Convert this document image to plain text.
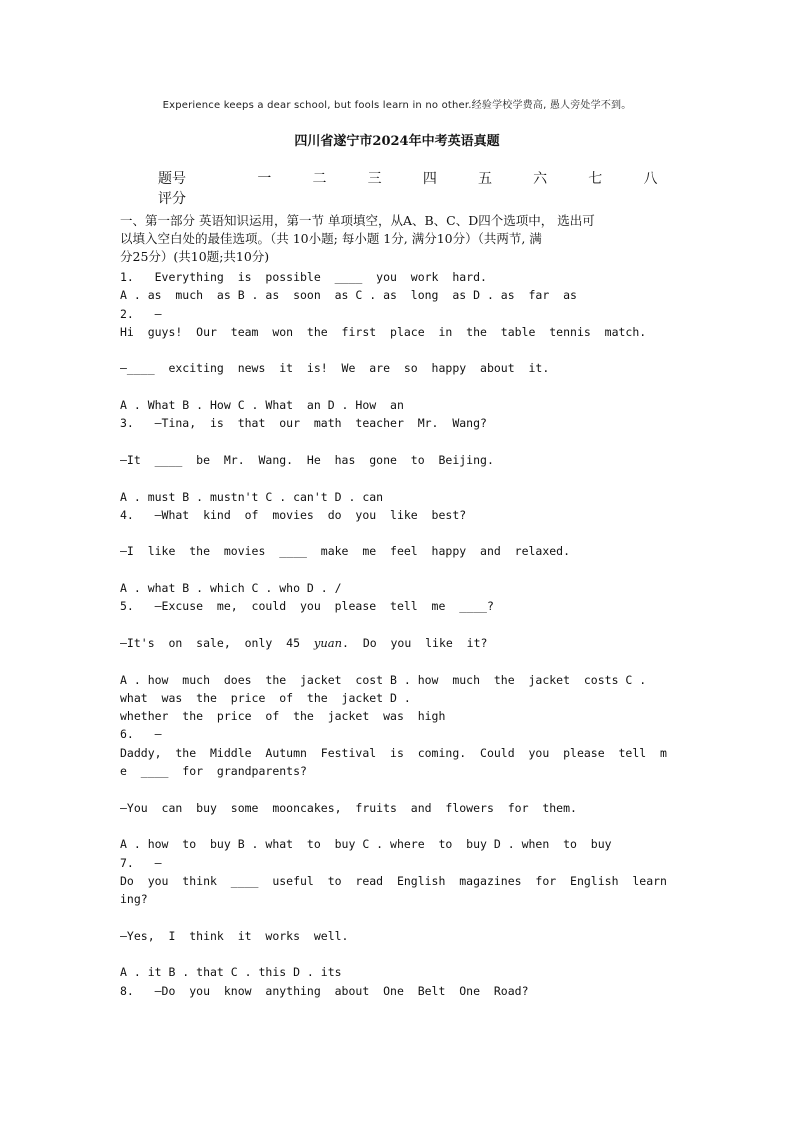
Experience keeps a dear school, but fools learn in no other.经验学校学费高, 愚人旁处学不到。
四川省遂宁市2024年中考英语真题
题号	一	二	三	四	五	六	七	八
评分
一、第一部分 英语知识运用，第一节 单项填空，从A、B、C、D四个选项中， 选出可
以填入空白处的最佳选项。（共 10小题; 每小题 1分, 满分10分）（共两节, 满
分25分）(共10题;共10分)
1.   Everything  is  possible  ____  you  work  hard.
A . as  much  as B . as  soon  as C . as  long  as D . as  far  as
2.   —
Hi  guys!  Our  team  won  the  first  place  in  the  table  tennis  match.
—____  exciting  news  it  is!  We  are  so  happy  about  it.
A . What B . How C . What  an D . How  an
3.   —Tina,  is  that  our  math  teacher  Mr.  Wang?
—It  ____  be  Mr.  Wang.  He  has  gone  to  Beijing.
A . must B . mustn't C . can't D . can
4.   —What  kind  of  movies  do  you  like  best?
—I  like  the  movies  ____  make  me  feel  happy  and  relaxed.
A . what B . which C . who D . /
5.   —Excuse  me,  could  you  please  tell  me  ____?
—It's  on  sale,  only  45  yuan.  Do  you  like  it?
A . how  much  does  the  jacket  cost B . how  much  the  jacket  costs C .
what  was  the  price  of  the  jacket D .
whether  the  price  of  the  jacket  was  high
6.   —
Daddy,  the  Middle  Autumn  Festival  is  coming.  Could  you  please  tell  m
e  ____  for  grandparents?
—You  can  buy  some  mooncakes,  fruits  and  flowers  for  them.
A . how  to  buy B . what  to  buy C . where  to  buy D . when  to  buy
7.   —
Do  you  think  ____  useful  to  read  English  magazines  for  English  learn
ing?
—Yes,  I  think  it  works  well.
A . it B . that C . this D . its
8.   —Do  you  know  anything  about  One  Belt  One  Road?
